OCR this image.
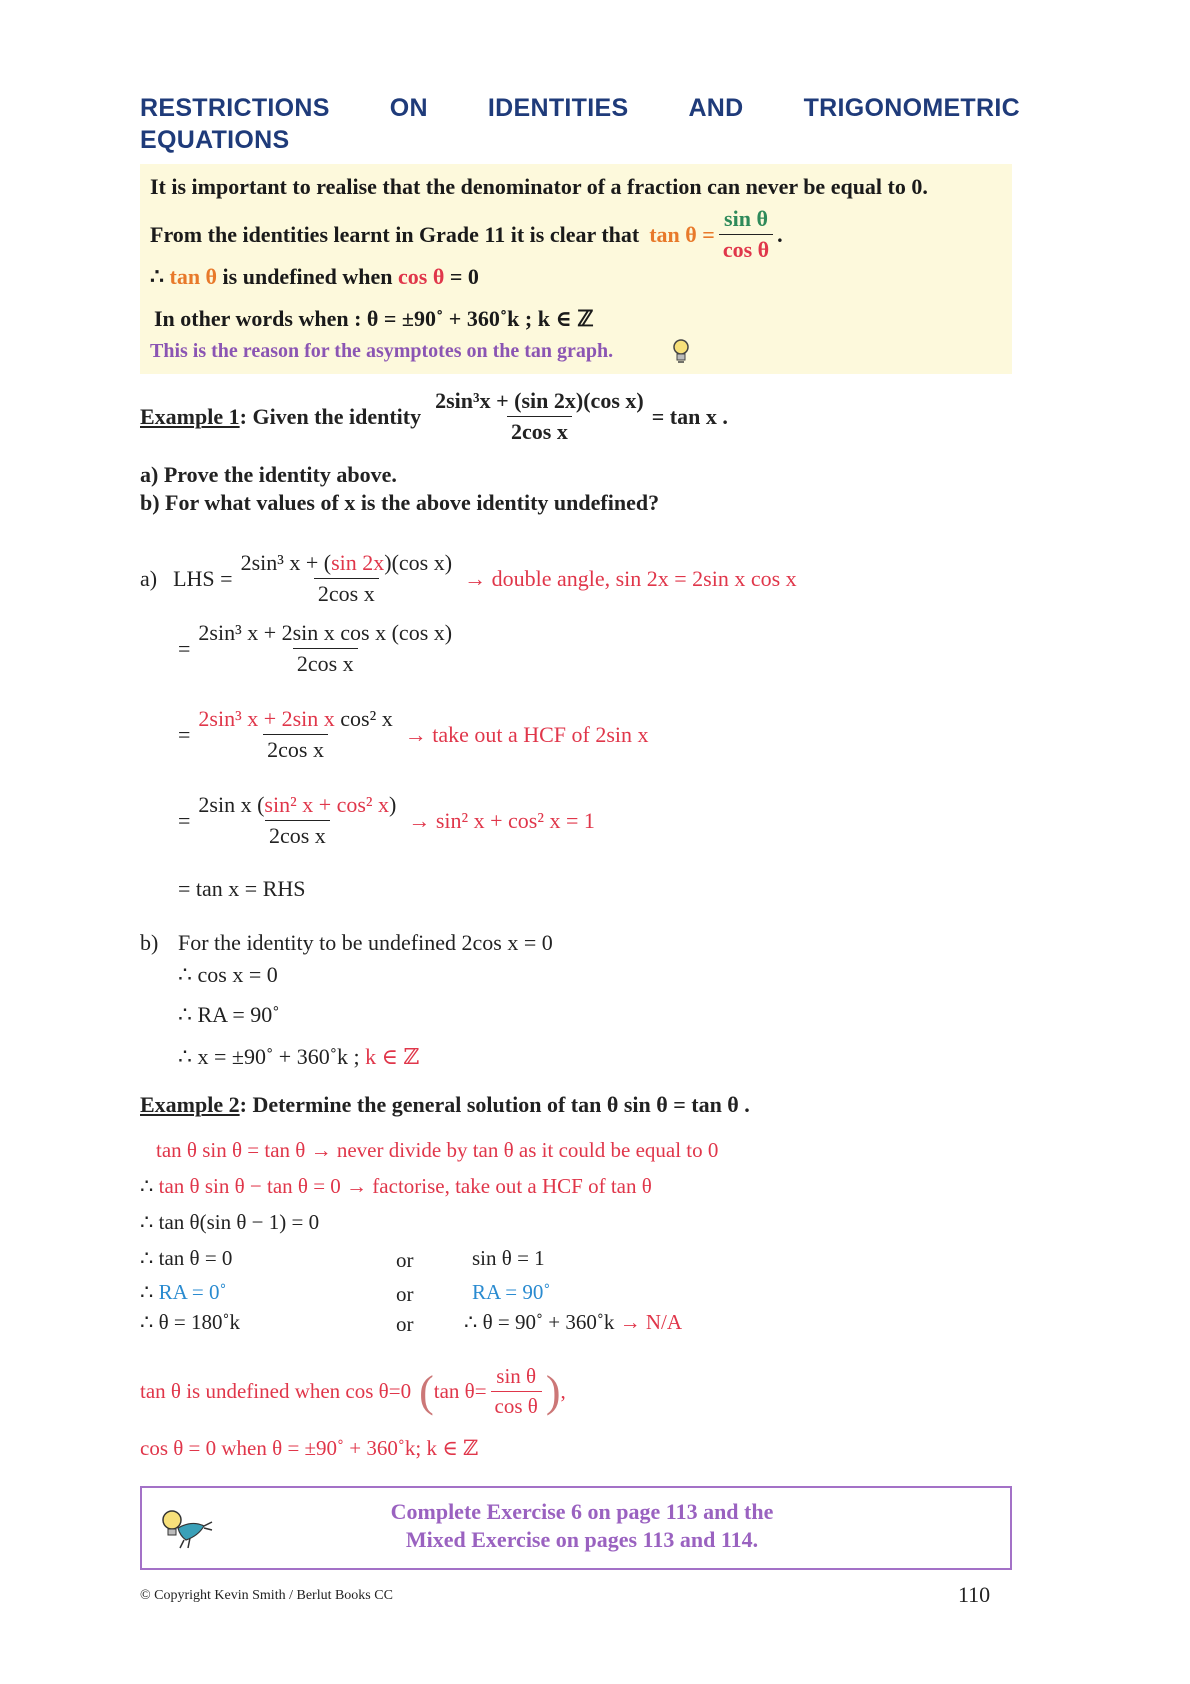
RESTRICTIONS ON IDENTITIES AND TRIGONOMETRIC
EQUATIONS
It is important to realise that the denominator of a fraction can never be equal to 0.
From the identities learnt in Grade 11 it is clear that $\tan \theta = \frac{\text{sin θ}}{\text{cos θ}}$ .
∴ tan θ is undefined when cos θ = 0
In other words when : θ = ±90˚ + 360˚k ; k ∈ ℤ
This is the reason for the asymptotes on the tan graph.
Example 1 : Given the identity $\frac{\text{2sin³x + (sin 2x)(cos x)}}{\text{2cos x}} = \tan x$ .
a) Prove the identity above.
b) For what values of x is the above identity undefined?
a) LHS = $\frac{\text{2sin³ x + (sin 2x)(cos x)}}{\text{2cos x}}$ → double angle, sin 2x = 2sin x cos x
= $\frac{\text{2sin³ x + 2sin x cos x (cos x)}}{\text{2cos x}}$
= $\frac{\text{2sin³ x + 2sin x cos² x}}{\text{2cos x}}$ → take out a HCF of 2sin x
= $\frac{\text{2sin x (sin² x + cos² x)}}{\text{2cos x}} \to \sin^2$ x + cos² x = 1
= tan x = RHS
b) For the identity to be undefined 2cos x = 0
∴ cos x = 0
∴ RA = 90˚
∴ x = ±90˚ + 360˚k ; k ∈ ℤ
Example 2: Determine the general solution of tan θ sin θ = tan θ .
tan θ sin θ = tan θ → never divide by tan θ as it could be equal to 0
∴ tan θ sin θ − tan θ = 0 → factorise, take out a HCF of tan θ
∴ tan θ(sin θ − 1) = 0
∴ tan θ = 0	or	sin θ = 1
∴ RA = 0˚	or	RA = 90˚
∴ θ = 180˚k	or ∴ θ = 90˚ + 360˚k → N/A
tan θ is undefined when cos θ=0 ( $\tan \theta= \frac{\text{sin θ}}{\text{cos θ}}$ ) ,
cos θ = 0 when θ = ±90˚ + 360˚k; k ∈ ℤ
Complete Exercise 6 on page 113 and the
Mixed Exercise on pages 113 and 114.
© Copyright Kevin Smith / Berlut Books CC	110
